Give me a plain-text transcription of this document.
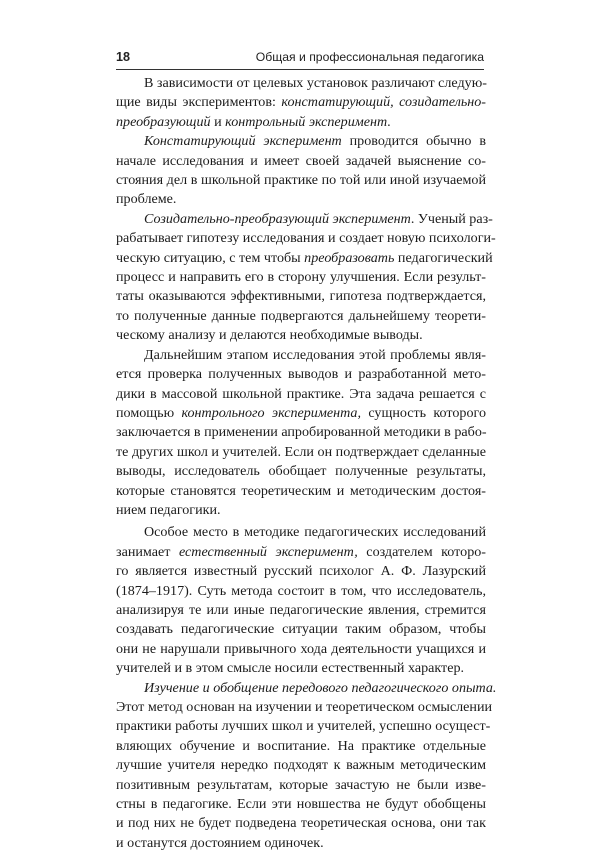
18	Общая и профессиональная педагогика
В зависимости от целевых установок различают следую-
щие виды экспериментов: констатирующий, созидательно-
преобразующий и контрольный эксперимент.
Констатирующий эксперимент проводится обычно в
начале исследования и имеет своей задачей выяснение со-
стояния дел в школьной практике по той или иной изучаемой
проблеме.
Созидательно-преобразующий эксперимент. Ученый раз-
рабатывает гипотезу исследования и создает новую психологи-
ческую ситуацию, с тем чтобы преобразовать педагогический
процесс и направить его в сторону улучшения. Если результ-
таты оказываются эффективными, гипотеза подтверждается,
то полученные данные подвергаются дальнейшему теорети-
ческому анализу и делаются необходимые выводы.
Дальнейшим этапом исследования этой проблемы явля-
ется проверка полученных выводов и разработанной мето-
дики в массовой школьной практике. Эта задача решается с
помощью контрольного эксперимента, сущность которого
заключается в применении апробированной методики в рабо-
те других школ и учителей. Если он подтверждает сделанные
выводы, исследователь обобщает полученные результаты,
которые становятся теоретическим и методическим достоя-
нием педагогики.
Особое место в методике педагогических исследований
занимает естественный эксперимент, создателем которо-
го является известный русский психолог А. Ф. Лазурский
(1874–1917). Суть метода состоит в том, что исследователь,
анализируя те или иные педагогические явления, стремится
создавать педагогические ситуации таким образом, чтобы
они не нарушали привычного хода деятельности учащихся и
учителей и в этом смысле носили естественный характер.
Изучение и обобщение передового педагогического опыта.
Этот метод основан на изучении и теоретическом осмыслении
практики работы лучших школ и учителей, успешно осущест-
вляющих обучение и воспитание. На практике отдельные
лучшие учителя нередко подходят к важным методическим
позитивным результатам, которые зачастую не были изве-
стны в педагогике. Если эти новшества не будут обобщены
и под них не будет подведена теоретическая основа, они так
и останутся достоянием одиночек.
